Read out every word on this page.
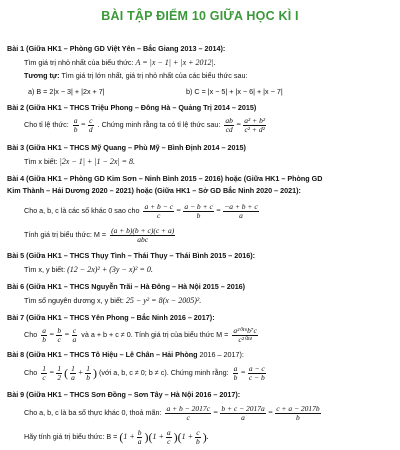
BÀI TẬP ĐIỂM 10 GIỮA HỌC KÌ I
Bài 1 (Giữa HK1 – Phòng GD Việt Yên – Bắc Giang 2013 – 2014):
Tìm giá trị nhỏ nhất của biểu thức: A = |x − 1| + |x + 2012|.
Tương tự: Tìm giá trị lớn nhất, giá trị nhỏ nhất của các biểu thức sau:
a) B = 2|x − 3| + |2x + 7|	b) C = |x − 5| + |x − 6| + |x − 7|
Bài 2 (Giữa HK1 – THCS Triệu Phong – Đông Hà – Quảng Trị 2014 – 2015)
Cho tỉ lệ thức: $\frac{a}{b} = \frac{c}{d}$ . Chứng minh rằng ta có tỉ lệ thức sau: $\frac{ab}{cd} = \frac{\text{a² + b²}}{\text{c² + d²}}$
Bài 3 (Giữa HK1 – THCS Mỹ Quang – Phù Mỹ – Bình Định 2014 – 2015)
Tìm x biết: |2x − 1| + |1 − 2x| = 8.
Bài 4 (Giữa HK1 – Phòng GD Kim Sơn – Ninh Bình 2015 – 2016) hoặc (Giữa HK1 – Phòng GD
Kim Thành – Hải Dương 2020 – 2021) hoặc (Giữa HK1 – Sở GD Bắc Ninh 2020 – 2021):
Cho a, b, c là các số khác 0 sao cho $\frac{a + b - c}{c} = \frac{a - b + c}{b} = \frac{-a + b + c}{a}$
Tính giá trị biểu thức: $M = \frac{(a + b)(b + c)(c + a)}{\text{abc}}$
Bài 5 (Giữa HK1 – THCS Thụy Tình – Thái Thụy – Thái Bình 2015 – 2016):
Tìm x, y biết: (12 − 2x)² + (3y − x)² = 0.
Bài 6 (Giữa HK1 – THCS Nguyễn Trãi – Hà Đông – Hà Nội 2015 – 2016)
Tìm số nguyên dương x, y biết: 25 − y² = 8(x − 2005)².
Bài 7 (Giữa HK1 – THCS Yên Phong – Bắc Ninh 2016 – 2017):
Cho $\frac{a}{b} = \frac{b}{c} = \frac{c}{a}$ và a + b + c ≠ 0. Tính giá trị của biểu thức $M = \frac{\text{a²⁰¹⁶b⁷c}}{\text{c²⁰²⁴}}$
Bài 8 (Giữa HK1 – THCS Tô Hiệu – Lê Chân – Hải Phòng 2016 – 2017):
Cho $\frac{1}{c} = \frac{1}{2}$ ( $\frac{1}{a} + \frac{1}{b}$ ) (với a, b, c ≠ 0; b ≠ c). Chứng minh rằng: $\frac{a}{b} = \frac{a - c}{c - b}$
Bài 9 (Giữa HK1 – THCS Sơn Đồng – Sơn Tây – Hà Nội 2016 – 2017):
Cho a, b, c là ba số thực khác 0, thoả mãn: $\frac{a + b - 2017c}{c} = \frac{b + c - 2017a}{a} = \frac{c + a - 2017b}{b}$
Hãy tính giá trị biểu thức: $B = (1 + \frac{b}{a} )(1 + \frac{a}{c} )(1 + \frac{c}{b}$ ).
